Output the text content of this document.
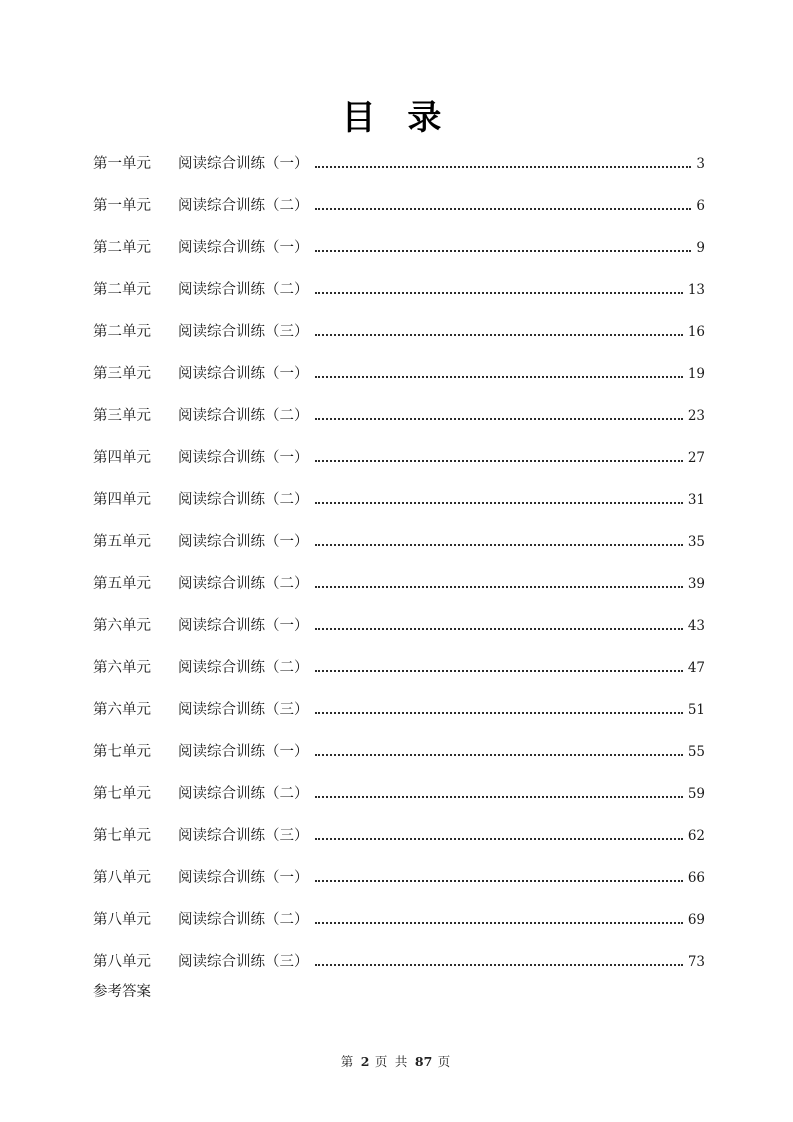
目 录
第一单元	阅读综合训练（一）	3
第一单元	阅读综合训练（二）	6
第二单元	阅读综合训练（一）	9
第二单元	阅读综合训练（二）	13
第二单元	阅读综合训练（三）	16
第三单元	阅读综合训练（一）	19
第三单元	阅读综合训练（二）	23
第四单元	阅读综合训练（一）	27
第四单元	阅读综合训练（二）	31
第五单元	阅读综合训练（一）	35
第五单元	阅读综合训练（二）	39
第六单元	阅读综合训练（一）	43
第六单元	阅读综合训练（二）	47
第六单元	阅读综合训练（三）	51
第七单元	阅读综合训练（一）	55
第七单元	阅读综合训练（二）	59
第七单元	阅读综合训练（三）	62
第八单元	阅读综合训练（一）	66
第八单元	阅读综合训练（二）	69
第八单元	阅读综合训练（三）	73
参考答案
第 2 页 共 87 页
